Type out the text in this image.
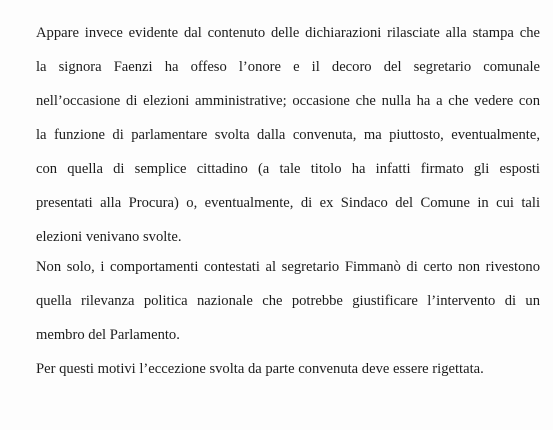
Appare invece evidente dal contenuto delle dichiarazioni rilasciate alla stampa che
la signora Faenzi ha offeso l’onore e il decoro del segretario comunale
nell’occasione di elezioni amministrative; occasione che nulla ha a che vedere con
la funzione di parlamentare svolta dalla convenuta, ma piuttosto, eventualmente,
con quella di semplice cittadino (a tale titolo ha infatti firmato gli esposti
presentati alla Procura) o, eventualmente, di ex Sindaco del Comune in cui tali
elezioni venivano svolte.
Non solo, i comportamenti contestati al segretario Fimmanò di certo non rivestono
quella rilevanza politica nazionale che potrebbe giustificare l’intervento di un
membro del Parlamento.
Per questi motivi l’eccezione svolta da parte convenuta deve essere rigettata.
